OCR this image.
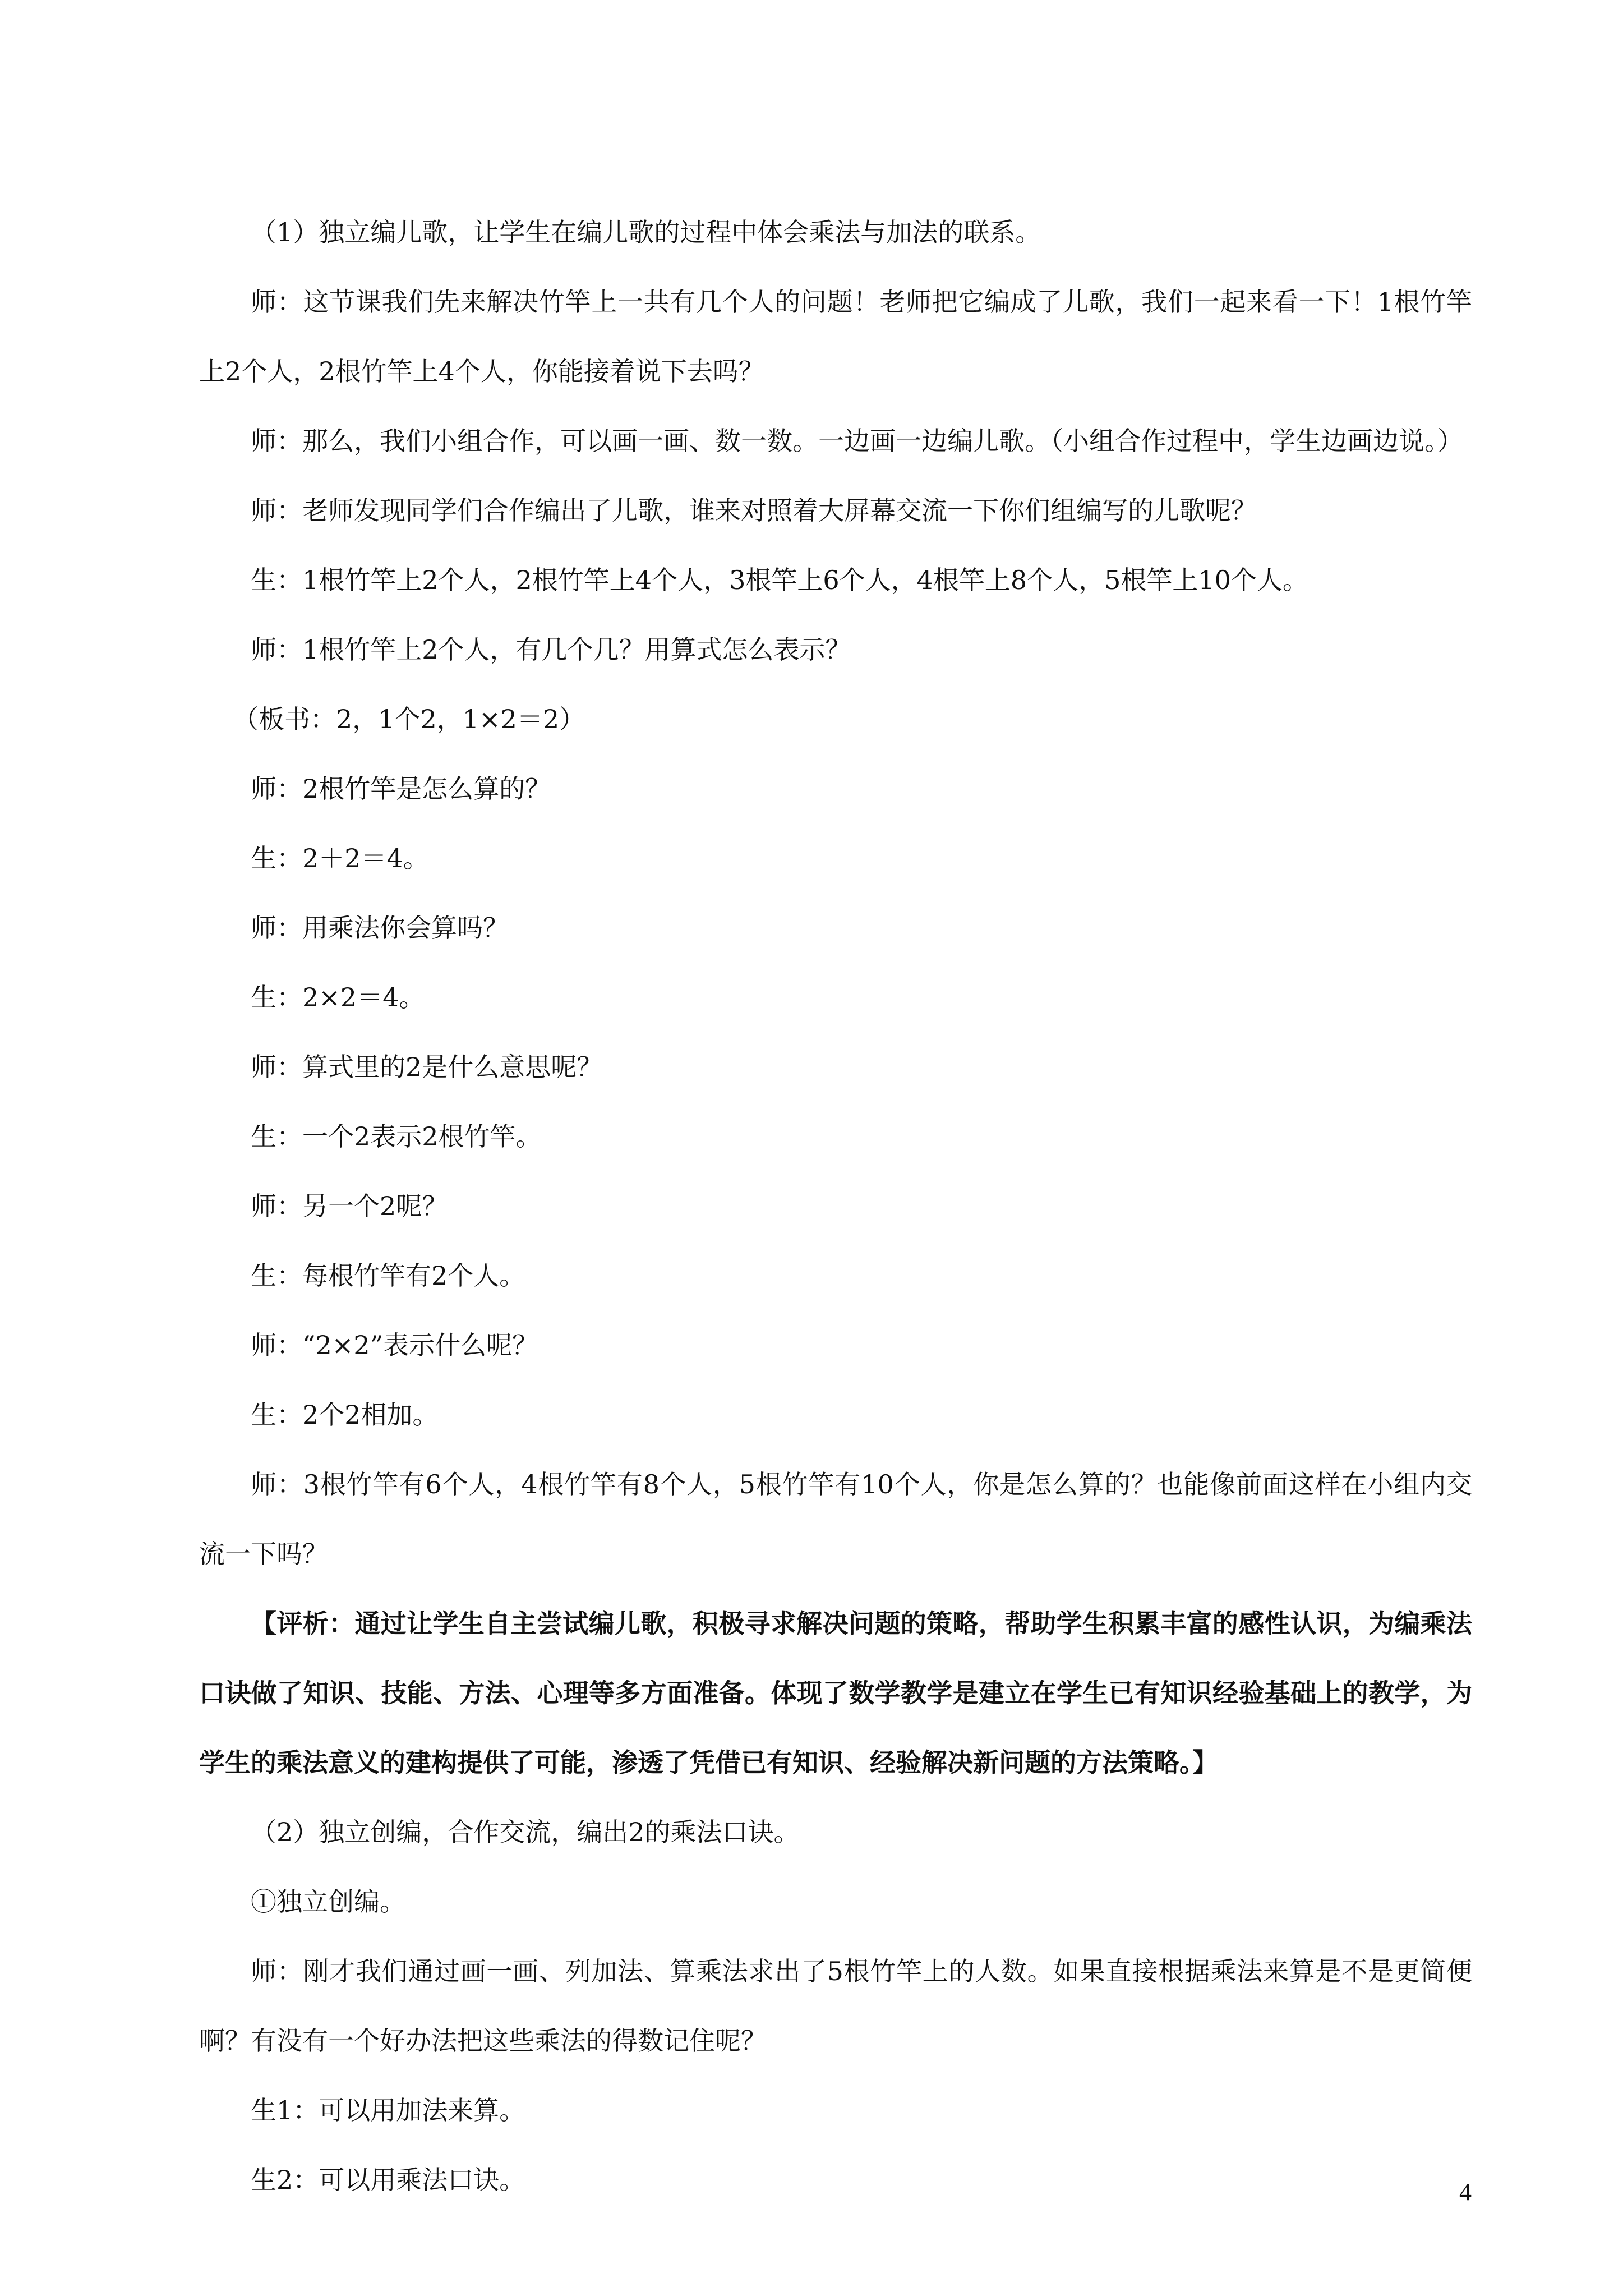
（1）独立编儿歌，让学生在编儿歌的过程中体会乘法与加法的联系。

师：这节课我们先来解决竹竿上一共有几个人的问题！老师把它编成了儿歌，我们一起来看一下！1根竹竿上2个人，2根竹竿上4个人，你能接着说下去吗？

师：那么，我们小组合作，可以画一画、数一数。一边画一边编儿歌。（小组合作过程中，学生边画边说。）

师：老师发现同学们合作编出了儿歌，谁来对照着大屏幕交流一下你们组编写的儿歌呢？

生：1根竹竿上2个人，2根竹竿上4个人，3根竿上6个人，4根竿上8个人，5根竿上10个人。

师：1根竹竿上2个人，有几个几？用算式怎么表示？

（板书：2，1个2，1×2＝2）

师：2根竹竿是怎么算的？

生：2＋2＝4。

师：用乘法你会算吗？

生：2×2＝4。

师：算式里的2是什么意思呢？

生：一个2表示2根竹竿。

师：另一个2呢？

生：每根竹竿有2个人。

师：“2×2”表示什么呢？

生：2个2相加。

师：3根竹竿有6个人，4根竹竿有8个人，5根竹竿有10个人，你是怎么算的？也能像前面这样在小组内交流一下吗？

【评析：通过让学生自主尝试编儿歌，积极寻求解决问题的策略，帮助学生积累丰富的感性认识，为编乘法口诀做了知识、技能、方法、心理等多方面准备。体现了数学教学是建立在学生已有知识经验基础上的教学，为学生的乘法意义的建构提供了可能，渗透了凭借已有知识、经验解决新问题的方法策略。】

（2）独立创编，合作交流，编出2的乘法口诀。

①独立创编。

师：刚才我们通过画一画、列加法、算乘法求出了5根竹竿上的人数。如果直接根据乘法来算是不是更简便啊？有没有一个好办法把这些乘法的得数记住呢？

生1：可以用加法来算。

生2：可以用乘法口诀。	4
